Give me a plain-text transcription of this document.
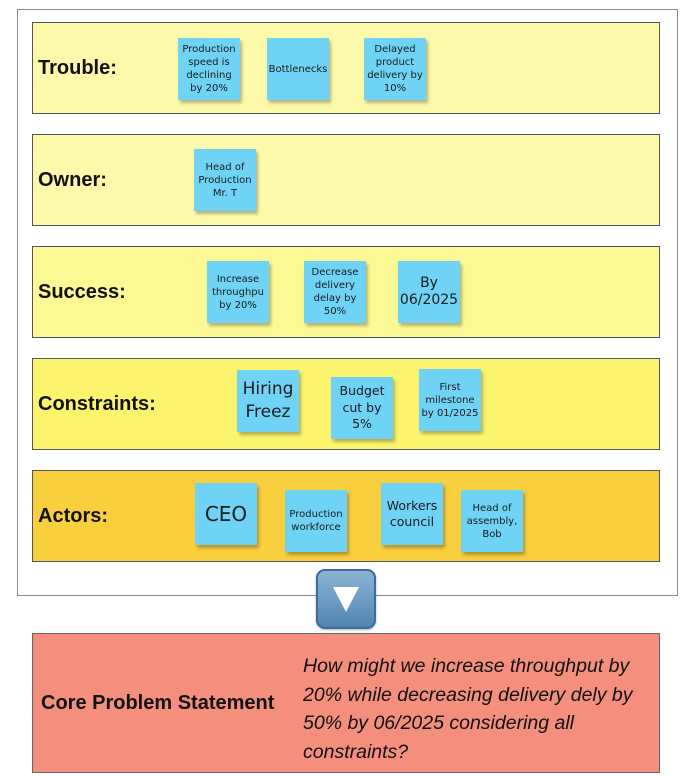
Trouble:
Production
speed is
declining
by 20%
Bottlenecks
Delayed
product
delivery by
10%
Owner:
Head of
Production
Mr. T
Success:
Increase
throughpu
by 20%
Decrease
delivery
delay by
50%
By
06/2025
Constraints:
Hiring
Freez
Budget
cut by
5%
First
milestone
by 01/2025
Actors:	CEO	Production
workforce
Workers
council
Head of
assembly,
Bob
Core Problem Statement
How might we increase throughput by 20% while decreasing delivery dely by 50% by 06/2025 considering all constraints?
